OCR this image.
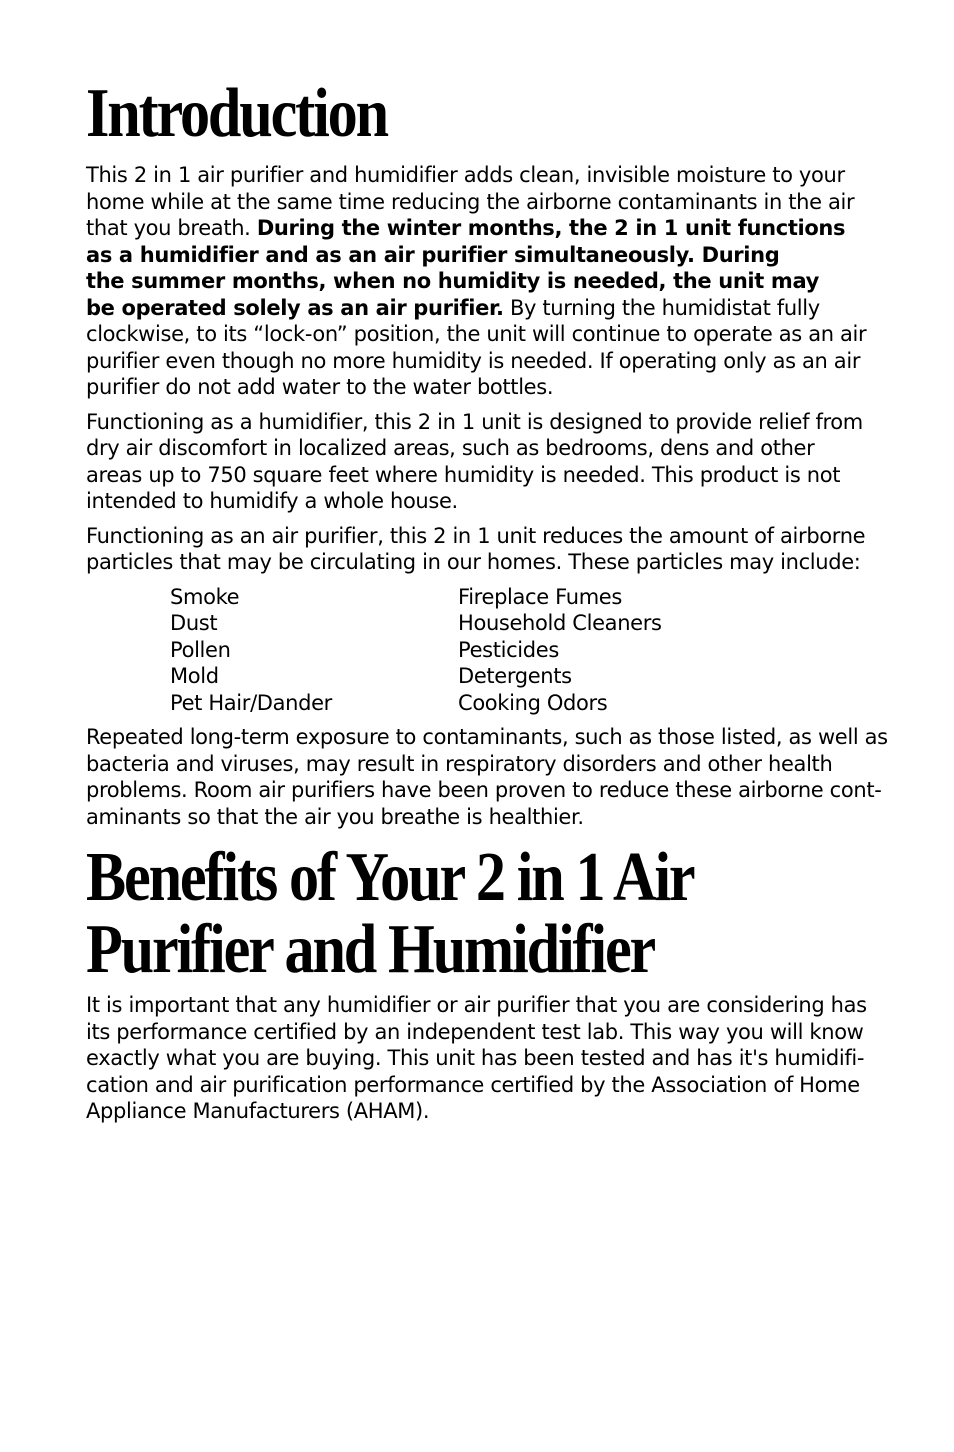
Introduction

This 2 in 1 air purifier and humidifier adds clean, invisible moisture to your
home while at the same time reducing the airborne contaminants in the air
that you breath. During the winter months, the 2 in 1 unit functions
as a humidifier and as an air purifier simultaneously. During
the summer months, when no humidity is needed, the unit may
be operated solely as an air purifier. By turning the humidistat fully
clockwise, to its “lock-on” position, the unit will continue to operate as an air
purifier even though no more humidity is needed. If operating only as an air
purifier do not add water to the water bottles.

Functioning as a humidifier, this 2 in 1 unit is designed to provide relief from
dry air discomfort in localized areas, such as bedrooms, dens and other
areas up to 750 square feet where humidity is needed. This product is not
intended to humidify a whole house.

Functioning as an air purifier, this 2 in 1 unit reduces the amount of airborne
particles that may be circulating in our homes. These particles may include:

Smoke	Fireplace Fumes
Dust	Household Cleaners
Pollen	Pesticides
Mold	Detergents
Pet Hair/Dander	Cooking Odors

Repeated long-term exposure to contaminants, such as those listed, as well as
bacteria and viruses, may result in respiratory disorders and other health
problems. Room air purifiers have been proven to reduce these airborne cont-
aminants so that the air you breathe is healthier.

Benefits of Your 2 in 1 Air
Purifier and Humidifier

It is important that any humidifier or air purifier that you are considering has
its performance certified by an independent test lab. This way you will know
exactly what you are buying. This unit has been tested and has it's humidifi-
cation and air purification performance certified by the Association of Home
Appliance Manufacturers (AHAM).
